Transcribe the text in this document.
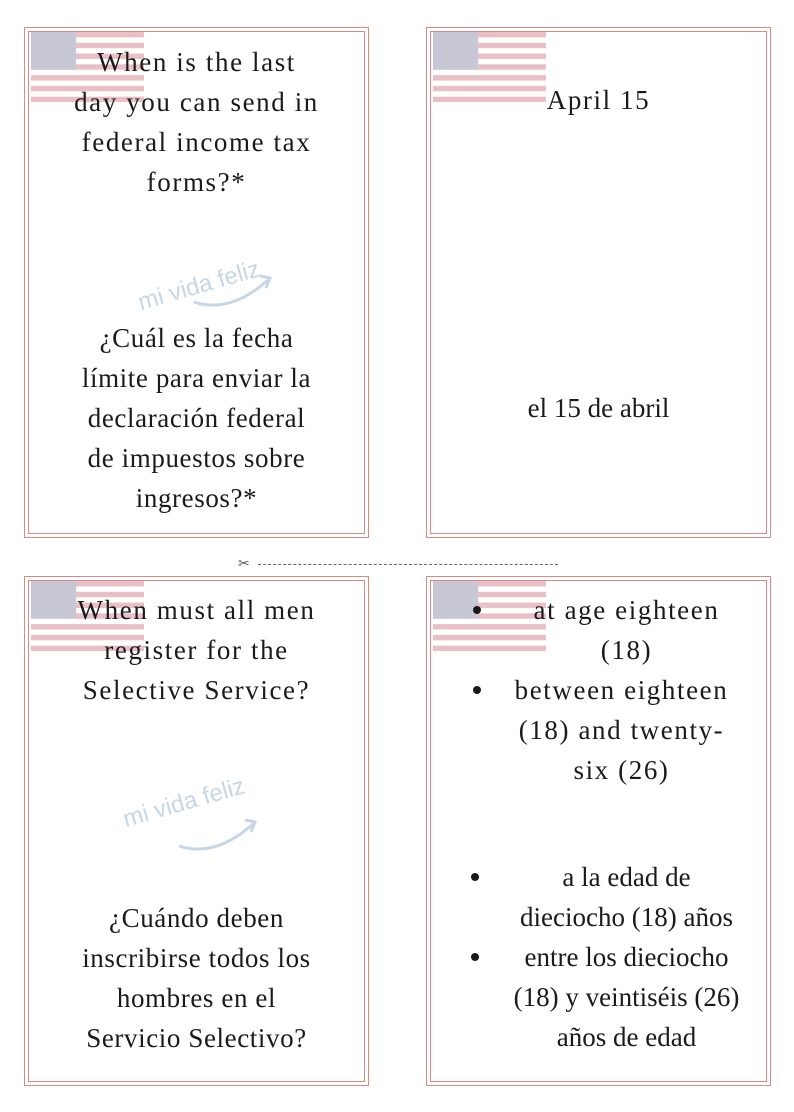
mi vida feliz
When is the last
day you can send in
federal income tax
forms?*
¿Cuál es la fecha
límite para enviar la
declaración federal
de impuestos sobre
ingresos?*
April 15
el 15 de abril
✂
mi vida feliz
When must all men
register for the
Selective Service?
¿Cuándo deben
inscribirse todos los
hombres en el
Servicio Selectivo?
at age eighteen
(18)
between eighteen
(18) and twenty-
six (26)
a la edad de
dieciocho (18) años
entre los dieciocho
(18) y veintiséis (26)
años de edad
